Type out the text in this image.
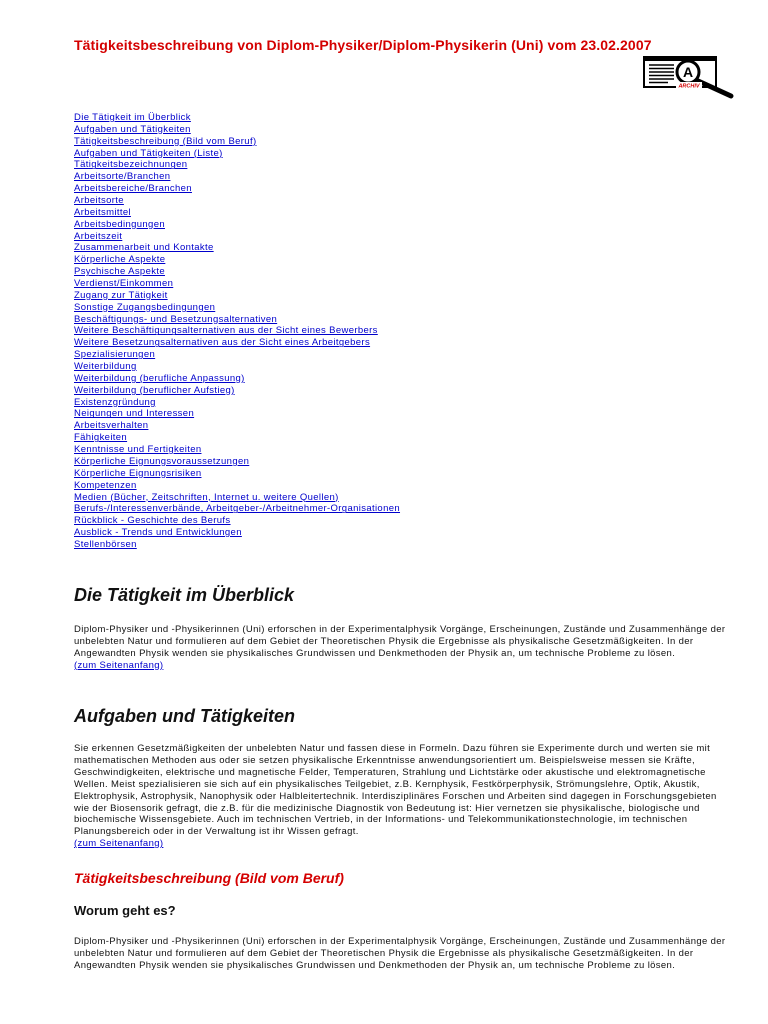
Tätigkeitsbeschreibung von Diplom-Physiker/Diplom-Physikerin (Uni) vom 23.02.2007
A
ARCHIV
Die Tätigkeit im Überblick
Aufgaben und Tätigkeiten
Tätigkeitsbeschreibung (Bild vom Beruf)
Aufgaben und Tätigkeiten (Liste)
Tätigkeitsbezeichnungen
Arbeitsorte/Branchen
Arbeitsbereiche/Branchen
Arbeitsorte
Arbeitsmittel
Arbeitsbedingungen
Arbeitszeit
Zusammenarbeit und Kontakte
Körperliche Aspekte
Psychische Aspekte
Verdienst/Einkommen
Zugang zur Tätigkeit
Sonstige Zugangsbedingungen
Beschäftigungs- und Besetzungsalternativen
Weitere Beschäftigungsalternativen aus der Sicht eines Bewerbers
Weitere Besetzungsalternativen aus der Sicht eines Arbeitgebers
Spezialisierungen
Weiterbildung
Weiterbildung (berufliche Anpassung)
Weiterbildung (beruflicher Aufstieg)
Existenzgründung
Neigungen und Interessen
Arbeitsverhalten
Fähigkeiten
Kenntnisse und Fertigkeiten
Körperliche Eignungsvoraussetzungen
Körperliche Eignungsrisiken
Kompetenzen
Medien (Bücher, Zeitschriften, Internet u. weitere Quellen)
Berufs-/Interessenverbände, Arbeitgeber-/Arbeitnehmer-Organisationen
Rückblick - Geschichte des Berufs
Ausblick - Trends und Entwicklungen
Stellenbörsen
Die Tätigkeit im Überblick
Diplom-Physiker und -Physikerinnen (Uni) erforschen in der Experimentalphysik Vorgänge, Erscheinungen, Zustände und Zusammenhänge der
unbelebten Natur und formulieren auf dem Gebiet der Theoretischen Physik die Ergebnisse als physikalische Gesetzmäßigkeiten. In der
Angewandten Physik wenden sie physikalisches Grundwissen und Denkmethoden der Physik an, um technische Probleme zu lösen.
(zum Seitenanfang)
Aufgaben und Tätigkeiten
Sie erkennen Gesetzmäßigkeiten der unbelebten Natur und fassen diese in Formeln. Dazu führen sie Experimente durch und werten sie mit
mathematischen Methoden aus oder sie setzen physikalische Erkenntnisse anwendungsorientiert um. Beispielsweise messen sie Kräfte,
Geschwindigkeiten, elektrische und magnetische Felder, Temperaturen, Strahlung und Lichtstärke oder akustische und elektromagnetische
Wellen. Meist spezialisieren sie sich auf ein physikalisches Teilgebiet, z.B. Kernphysik, Festkörperphysik, Strömungslehre, Optik, Akustik,
Elektrophysik, Astrophysik, Nanophysik oder Halbleitertechnik. Interdisziplinäres Forschen und Arbeiten sind dagegen in Forschungsgebieten
wie der Biosensorik gefragt, die z.B. für die medizinische Diagnostik von Bedeutung ist: Hier vernetzen sie physikalische, biologische und
biochemische Wissensgebiete. Auch im technischen Vertrieb, in der Informations- und Telekommunikationstechnologie, im technischen
Planungsbereich oder in der Verwaltung ist ihr Wissen gefragt.
(zum Seitenanfang)
Tätigkeitsbeschreibung (Bild vom Beruf)
Worum geht es?
Diplom-Physiker und -Physikerinnen (Uni) erforschen in der Experimentalphysik Vorgänge, Erscheinungen, Zustände und Zusammenhänge der
unbelebten Natur und formulieren auf dem Gebiet der Theoretischen Physik die Ergebnisse als physikalische Gesetzmäßigkeiten. In der
Angewandten Physik wenden sie physikalisches Grundwissen und Denkmethoden der Physik an, um technische Probleme zu lösen.
